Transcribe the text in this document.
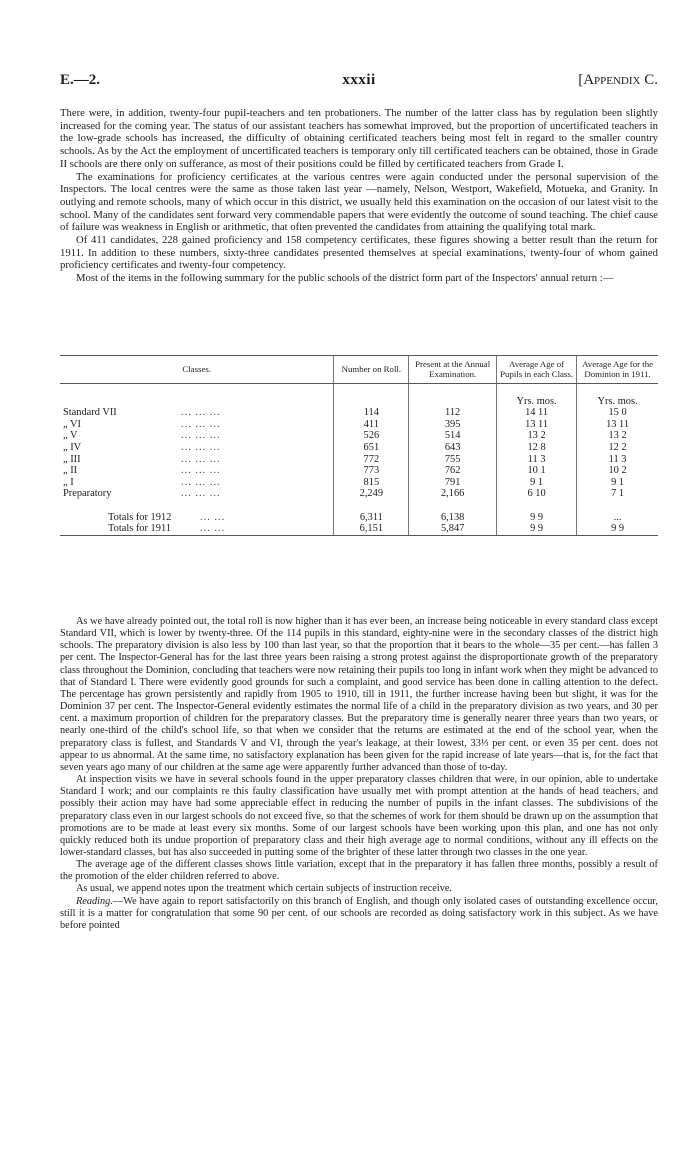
E.—2.	xxxii	[Appendix C.

There were, in addition, twenty-four pupil-teachers and ten probationers. The number of the latter class has by regulation been slightly increased for the coming year. The status of our assistant teachers has somewhat improved, but the proportion of uncertificated teachers in the low-grade schools has increased, the difficulty of obtaining certificated teachers being most felt in regard to the smaller country schools. As by the Act the employment of uncertificated teachers is temporary only till certificated teachers can be obtained, those in Grade II schools are there only on sufferance, as most of their positions could be filled by certificated teachers from Grade I.

The examinations for proficiency certificates at the various centres were again conducted under the personal supervision of the Inspectors. The local centres were the same as those taken last year —namely, Nelson, Westport, Wakefield, Motueka, and Granity. In outlying and remote schools, many of which occur in this district, we usually held this examination on the occasion of our latest visit to the school. Many of the candidates sent forward very commendable papers that were evidently the outcome of sound teaching. The chief cause of failure was weakness in English or arithmetic, that often prevented the candidates from attaining the qualifying total mark.

Of 411 candidates, 228 gained proficiency and 158 competency certificates, these figures showing a better result than the return for 1911. In addition to these numbers, sixty-three candidates presented themselves at special examinations, twenty-four of whom gained proficiency certificates and twenty-four competency.

Most of the items in the following summary for the public schools of the district form part of the Inspectors' annual return :—

Classes.	Number on Roll.	Present at the Annual Examination.	Average Age of Pupils in each Class.	Average Age for the Dominion in 1911.

			Yrs. mos.	Yrs. mos.
Standard VII ... ... ...	114	112	14 11	15 0
„ VI ... ... ...	411	395	13 11	13 11
„ V ... ... ...	526	514	13 2	13 2
„ IV ... ... ...	651	643	12 8	12 2
„ III ... ... ...	772	755	11 3	11 3
„ II ... ... ...	773	762	10 1	10 2
„ I ... ... ...	815	791	9 1	9 1
Preparatory ... ... ...	2,249	2,166	6 10	7 1

Totals for 1912 ... ...	6,311	6,138	9 9	...
Totals for 1911 ... ...	6,151	5,847	9 9	9 9

As we have already pointed out, the total roll is now higher than it has ever been, an increase being noticeable in every standard class except Standard VII, which is lower by twenty-three. Of the 114 pupils in this standard, eighty-nine were in the secondary classes of the district high schools. The preparatory division is also less by 100 than last year, so that the proportion that it bears to the whole—35 per cent.—has fallen 3 per cent. The Inspector-General has for the last three years been raising a strong protest against the disproportionate growth of the preparatory class throughout the Dominion, concluding that teachers were now retaining their pupils too long in infant work when they might be advanced to that of Standard I. There were evidently good grounds for such a complaint, and good service has been done in calling attention to the defect. The percentage has grown persistently and rapidly from 1905 to 1910, till in 1911, the further increase having been but slight, it was for the Dominion 37 per cent. The Inspector-General evidently estimates the normal life of a child in the preparatory division as two years, and 30 per cent. a maximum proportion of children for the preparatory classes. But the preparatory time is generally nearer three years than two years, or nearly one-third of the child's school life, so that when we consider that the returns are estimated at the end of the school year, when the preparatory class is fullest, and Standards V and VI, through the year's leakage, at their lowest, 33⅓ per cent. or even 35 per cent. does not appear to us abnormal. At the same time, no satisfactory explanation has been given for the rapid increase of late years—that is, for the fact that seven years ago many of our children at the same age were apparently further advanced than those of to-day.

At inspection visits we have in several schools found in the upper preparatory classes children that were, in our opinion, able to undertake Standard I work; and our complaints re this faulty classification have usually met with prompt attention at the hands of head teachers, and possibly their action may have had some appreciable effect in reducing the number of pupils in the infant classes. The subdivisions of the preparatory class even in our largest schools do not exceed five, so that the schemes of work for them should be drawn up on the assumption that promotions are to be made at least every six months. Some of our largest schools have been working upon this plan, and one has not only quickly reduced both its undue proportion of preparatory class and their high average age to normal conditions, without any ill effects on the lower-standard classes, but has also succeeded in putting some of the brighter of these latter through two classes in the one year.

The average age of the different classes shows little variation, except that in the preparatory it has fallen three months, possibly a result of the promotion of the elder children referred to above.

As usual, we append notes upon the treatment which certain subjects of instruction receive.

Reading.—We have again to report satisfactorily on this branch of English, and though only isolated cases of outstanding excellence occur, still it is a matter for congratulation that some 90 per cent. of our schools are recorded as doing satisfactory work in this subject. As we have before pointed
